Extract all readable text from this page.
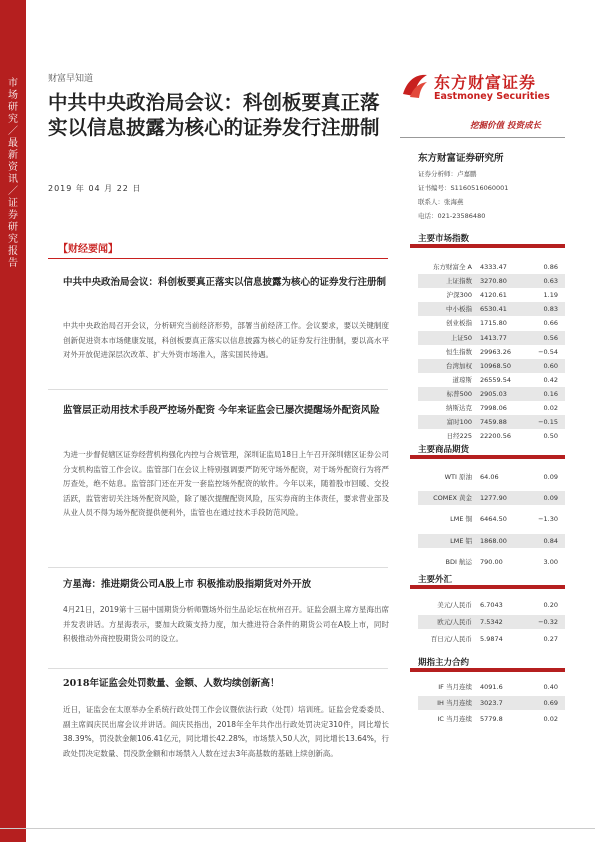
市场研究／最新资讯／证券研究报告
财富早知道
中共中央政治局会议：科创板要真正落实以信息披露为核心的证券发行注册制
2019 年 04 月 22 日
东方财富证券
Eastmoney Securities
挖掘价值 投资成长
东方财富证券研究所
证券分析师：卢嘉鹏
证书编号：S1160516060001
联系人：张海燕
电话：021-23586480
【财经要闻】
中共中央政治局会议：科创板要真正落实以信息披露为核心的证券发行注册制
中共中央政治局召开会议，分析研究当前经济形势，部署当前经济工作。会议要求，要以关键制度创新促进资本市场健康发展，科创板要真正落实以信息披露为核心的证券发行注册制，要以高水平对外开放促进深层次改革、扩大外资市场准入，落实国民待遇。
监管层正动用技术手段严控场外配资 今年来证监会已屡次提醒场外配资风险
为进一步督促辖区证券经营机构强化内控与合规管理，深圳证监局18日上午召开深圳辖区证券公司分支机构监管工作会议。监管部门在会议上特别强调要严防死守场外配资，对于场外配资行为将严厉查处，绝不姑息。监管部门还在开发一套监控场外配资的软件。今年以来，随着股市回暖、交投活跃，监管密切关注场外配资风险，除了屡次提醒配资风险，压实券商的主体责任，要求营业部及从业人员不得为场外配资提供便利外，监管也在通过技术手段防范风险。
方星海：推进期货公司A股上市 积极推动股指期货对外开放
4月21日，2019第十三届中国期货分析师暨场外衍生品论坛在杭州召开。证监会副主席方星海出席并发表讲话。方星海表示，要加大政策支持力度，加大推进符合条件的期货公司在A股上市，同时积极推动外商控股期货公司的设立。
2018年证监会处罚数量、金额、人数均续创新高！
近日，证监会在太原举办全系统行政处罚工作会议暨依法行政（处罚）培训班。证监会党委委员、副主席阎庆民出席会议并讲话。阎庆民指出，2018年全年共作出行政处罚决定310件，同比增长38.39%，罚没款金额106.41亿元，同比增长42.28%，市场禁入50人次，同比增长13.64%，行政处罚决定数量、罚没款金额和市场禁入人数在过去3年高基数的基础上续创新高。
主要市场指数
东方财富全 A 4333.47	0.86
上证指数 3270.80	0.63
沪深300 4120.61	1.19
中小板指 6530.41	0.83
创业板指 1715.80	0.66
上证50 1413.77	0.56
恒生指数 29963.26	−0.54
台湾加权 10968.50	0.60
道琼斯 26559.54	0.42
标普500 2905.03	0.16
纳斯达克 7998.06	0.02
富时100 7459.88	−0.15
日经225 22200.56	0.50
主要商品期货
WTI 原油 64.06	0.09
COMEX 黄金 1277.90	0.09
LME 铜 6464.50	−1.30
LME 铝 1868.00	0.84
BDI 航运 790.00	3.00
主要外汇
美元/人民币 6.7043	0.20
欧元/人民币 7.5342	−0.32
百日元/人民币 5.9874	0.27
期指主力合约
IF 当月连续 4091.6	0.40
IH 当月连续 3023.7	0.69
IC 当月连续 5779.8	0.02
